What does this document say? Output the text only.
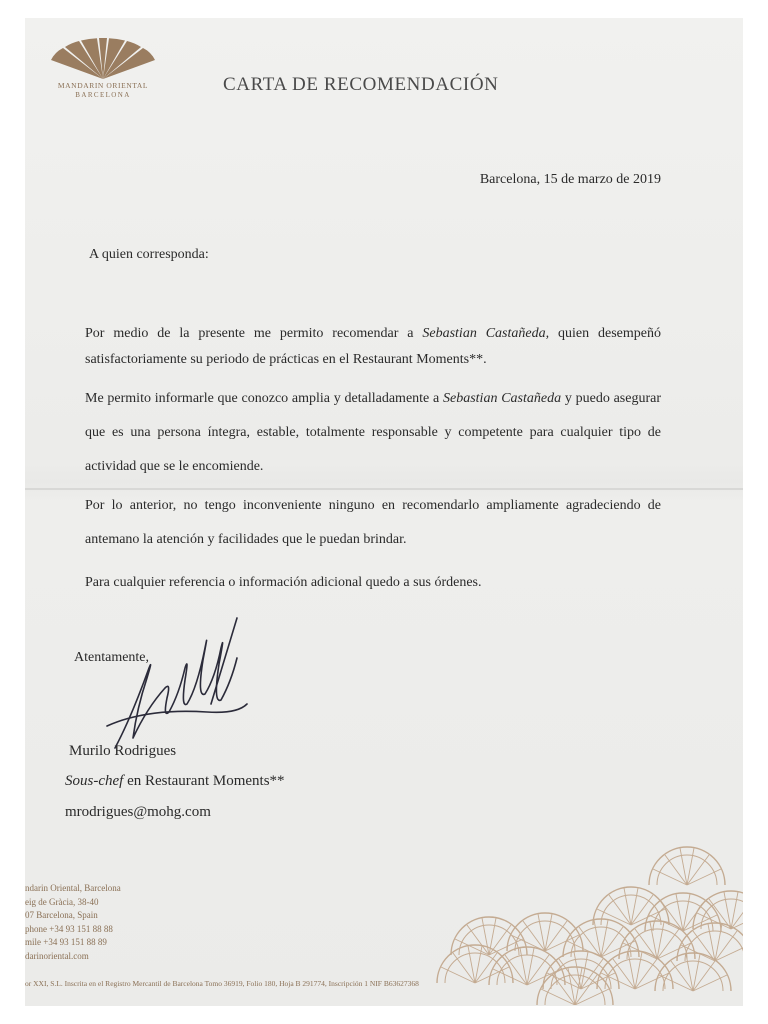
MANDARIN ORIENTAL
BARCELONA	CARTA DE RECOMENDACIÓN
Barcelona, 15 de marzo de 2019
A quien corresponda:
Por medio de la presente me permito recomendar a Sebastian Castañeda, quien desempeñó satisfactoriamente su periodo de prácticas en el Restaurant Moments**.
Me permito informarle que conozco amplia y detalladamente a Sebastian Castañeda y puedo asegurar que es una persona íntegra, estable, totalmente responsable y competente para cualquier tipo de actividad que se le encomiende.
Por lo anterior, no tengo inconveniente ninguno en recomendarlo ampliamente agradeciendo de antemano la atención y facilidades que le puedan brindar.
Para cualquier referencia o información adicional quedo a sus órdenes.
Atentamente,
Murilo Rodrigues
Sous-chef en Restaurant Moments**
mrodrigues@mohg.com
ndarin Oriental, Barcelona
eig de Gràcia, 38-40
07 Barcelona, Spain
phone +34 93 151 88 88
mile +34 93 151 88 89
darinoriental.com
or XXI, S.L. Inscrita en el Registro Mercantil de Barcelona Tomo 36919, Folio 180, Hoja B 291774, Inscripción 1 NIF B63627368
